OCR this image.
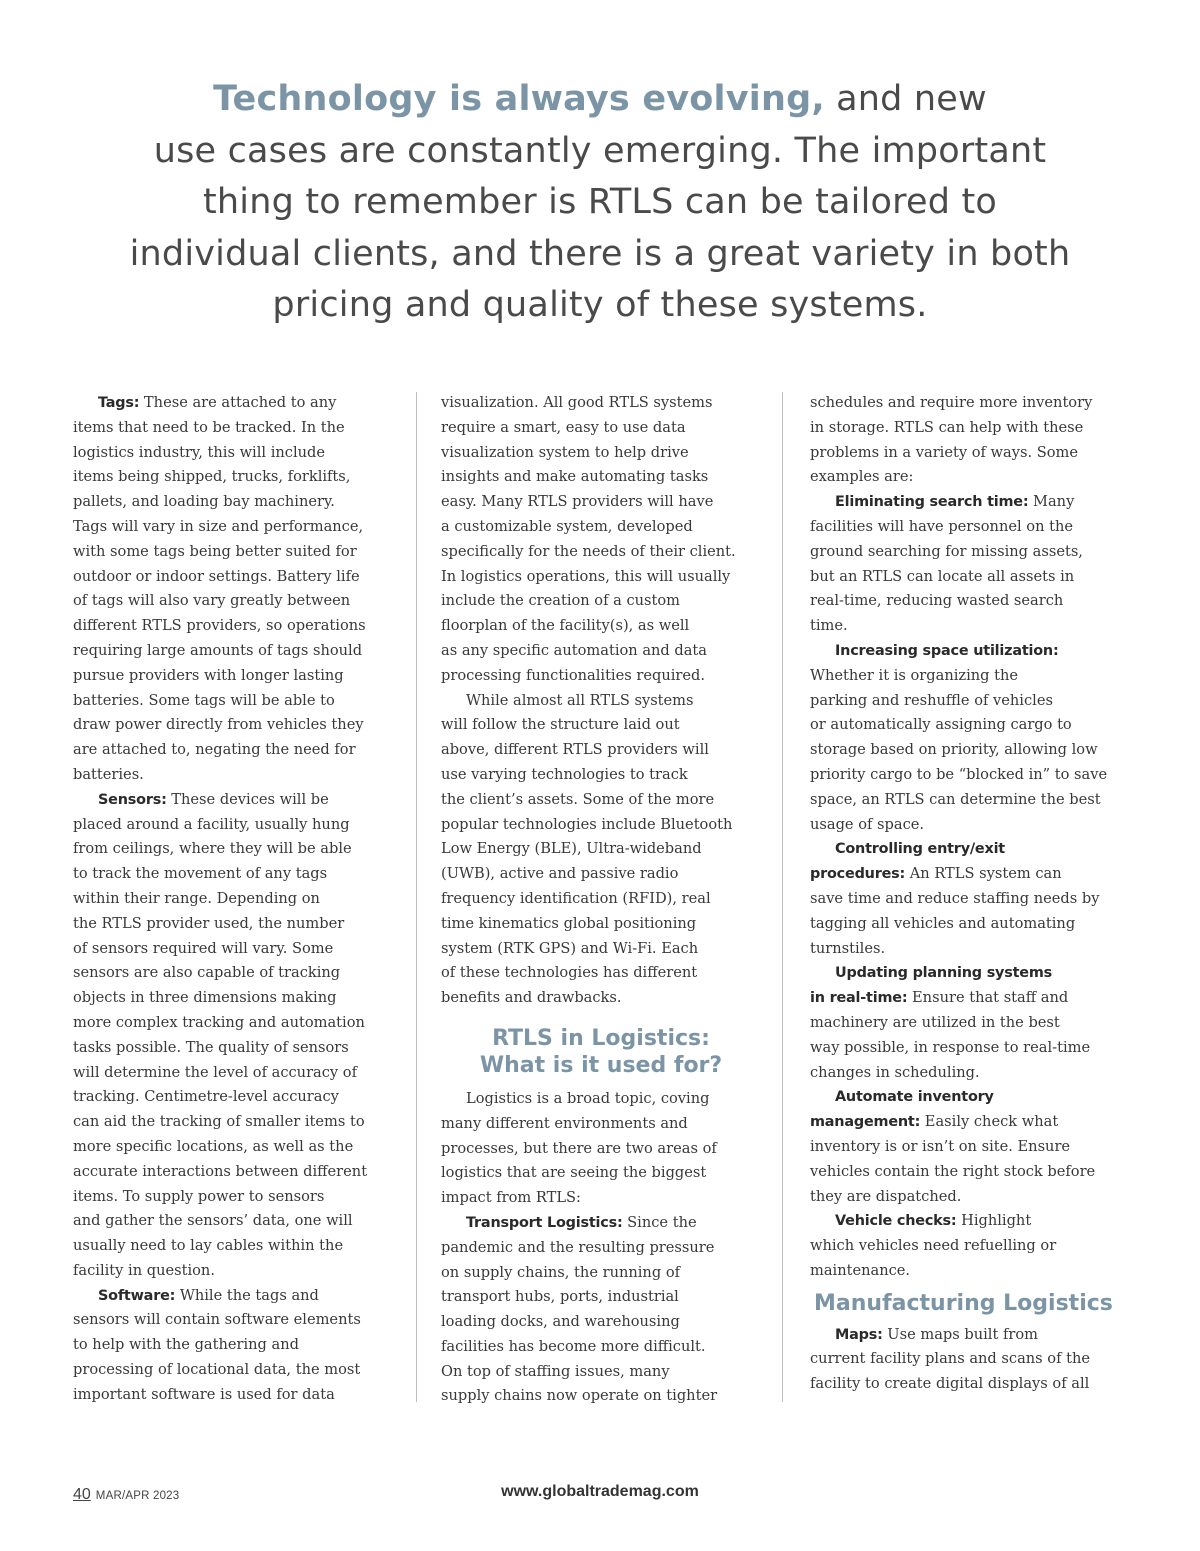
Technology is always evolving, and new
use cases are constantly emerging. The important
thing to remember is RTLS can be tailored to
individual clients, and there is a great variety in both
pricing and quality of these systems.
Tags: These are attached to any
items that need to be tracked. In the
logistics industry, this will include
items being shipped, trucks, forklifts,
pallets, and loading bay machinery.
Tags will vary in size and performance,
with some tags being better suited for
outdoor or indoor settings. Battery life
of tags will also vary greatly between
different RTLS providers, so operations
requiring large amounts of tags should
pursue providers with longer lasting
batteries. Some tags will be able to
draw power directly from vehicles they
are attached to, negating the need for
batteries.
Sensors: These devices will be
placed around a facility, usually hung
from ceilings, where they will be able
to track the movement of any tags
within their range. Depending on
the RTLS provider used, the number
of sensors required will vary. Some
sensors are also capable of tracking
objects in three dimensions making
more complex tracking and automation
tasks possible. The quality of sensors
will determine the level of accuracy of
tracking. Centimetre-level accuracy
can aid the tracking of smaller items to
more specific locations, as well as the
accurate interactions between different
items. To supply power to sensors
and gather the sensors’ data, one will
usually need to lay cables within the
facility in question.
Software: While the tags and
sensors will contain software elements
to help with the gathering and
processing of locational data, the most
important software is used for data
visualization. All good RTLS systems
require a smart, easy to use data
visualization system to help drive
insights and make automating tasks
easy. Many RTLS providers will have
a customizable system, developed
specifically for the needs of their client.
In logistics operations, this will usually
include the creation of a custom
floorplan of the facility(s), as well
as any specific automation and data
processing functionalities required.
While almost all RTLS systems
will follow the structure laid out
above, different RTLS providers will
use varying technologies to track
the client’s assets. Some of the more
popular technologies include Bluetooth
Low Energy (BLE), Ultra-wideband
(UWB), active and passive radio
frequency identification (RFID), real
time kinematics global positioning
system (RTK GPS) and Wi-Fi. Each
of these technologies has different
benefits and drawbacks.
RTLS in Logistics:
What is it used for?
Logistics is a broad topic, coving
many different environments and
processes, but there are two areas of
logistics that are seeing the biggest
impact from RTLS:
Transport Logistics: Since the
pandemic and the resulting pressure
on supply chains, the running of
transport hubs, ports, industrial
loading docks, and warehousing
facilities has become more difficult.
On top of staffing issues, many
supply chains now operate on tighter
schedules and require more inventory
in storage. RTLS can help with these
problems in a variety of ways. Some
examples are:
Eliminating search time: Many
facilities will have personnel on the
ground searching for missing assets,
but an RTLS can locate all assets in
real-time, reducing wasted search
time.
Increasing space utilization:
Whether it is organizing the
parking and reshuffle of vehicles
or automatically assigning cargo to
storage based on priority, allowing low
priority cargo to be “blocked in” to save
space, an RTLS can determine the best
usage of space.
Controlling entry/exit
procedures: An RTLS system can
save time and reduce staffing needs by
tagging all vehicles and automating
turnstiles.
Updating planning systems
in real-time: Ensure that staff and
machinery are utilized in the best
way possible, in response to real-time
changes in scheduling.
Automate inventory
management: Easily check what
inventory is or isn’t on site. Ensure
vehicles contain the right stock before
they are dispatched.
Vehicle checks: Highlight
which vehicles need refuelling or
maintenance.
Manufacturing Logistics
Maps: Use maps built from
current facility plans and scans of the
facility to create digital displays of all
40 MAR/APR 2023	www.globaltrademag.com
